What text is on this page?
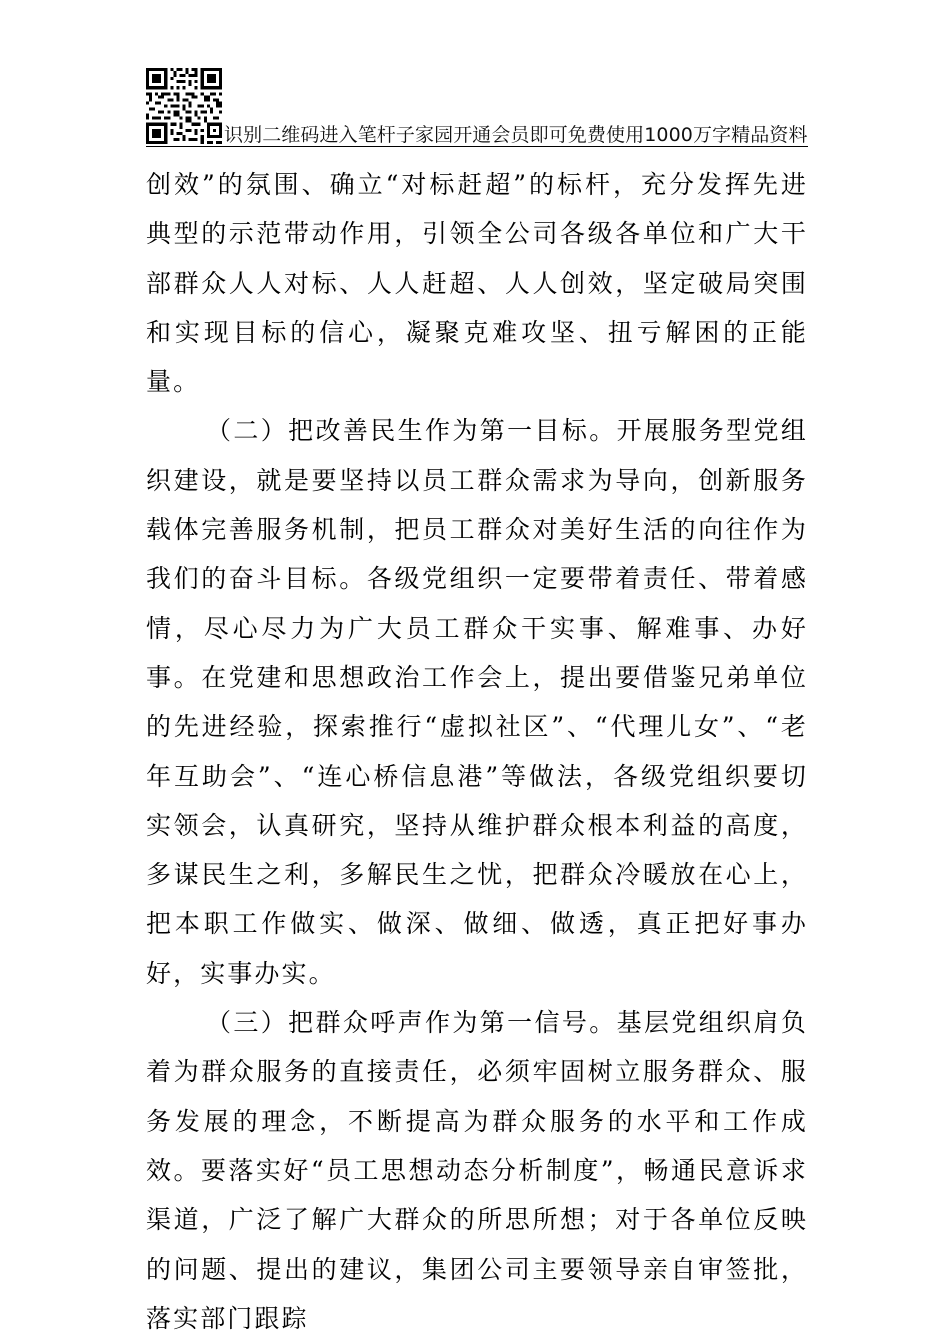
识别二维码进入笔杆子家园开通会员即可免费使用1000万字精品资料

创效”的氛围、确立“对标赶超”的标杆，充分发挥先进典型的示范带动作用，引领全公司各级各单位和广大干部群众人人对标、人人赶超、人人创效，坚定破局突围和实现目标的信心，凝聚克难攻坚、扭亏解困的正能量。

（二）把改善民生作为第一目标。开展服务型党组织建设，就是要坚持以员工群众需求为导向，创新服务载体完善服务机制，把员工群众对美好生活的向往作为我们的奋斗目标。各级党组织一定要带着责任、带着感情，尽心尽力为广大员工群众干实事、解难事、办好事。在党建和思想政治工作会上，提出要借鉴兄弟单位的先进经验，探索推行“虚拟社区”、“代理儿女”、“老年互助会”、“连心桥信息港”等做法，各级党组织要切实领会，认真研究，坚持从维护群众根本利益的高度，多谋民生之利，多解民生之忧，把群众冷暖放在心上，把本职工作做实、做深、做细、做透，真正把好事办好，实事办实。

（三）把群众呼声作为第一信号。基层党组织肩负着为群众服务的直接责任，必须牢固树立服务群众、服务发展的理念，不断提高为群众服务的水平和工作成效。要落实好“员工思想动态分析制度”，畅通民意诉求渠道，广泛了解广大群众的所思所想；对于各单位反映的问题、提出的建议，集团公司主要领导亲自审签批，落实部门跟踪
